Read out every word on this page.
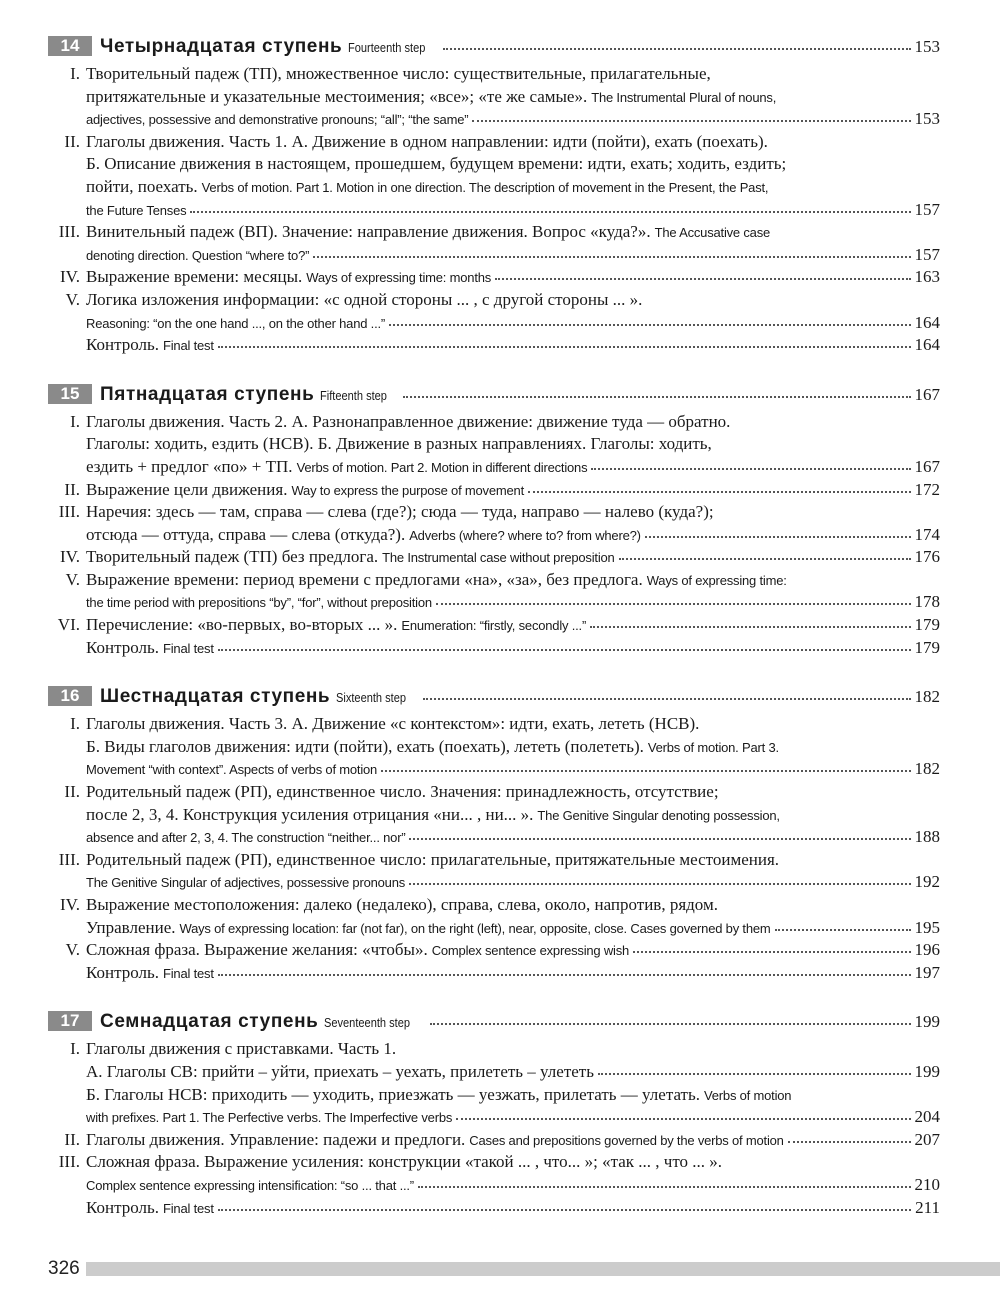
14	Четырнадцатая ступень Fourteenth step	153
I. Творительный падеж (ТП), множественное число: существительные, прилагательные,
притяжательные и указательные местоимения; «все»; «те же самые».
The Instrumental Plural of nouns,
adjectives, possessive and demonstrative pronouns; “all”; “the same”	153
II. Глаголы движения. Часть 1. А. Движение в одном направлении: идти (пойти), ехать (поехать).
Б. Описание движения в настоящем, прошедшем, будущем времени: идти, ехать; ходить, ездить;
пойти, поехать.
Verbs of motion. Part 1. Motion in one direction. The description of movement in the Present, the Past,
the Future Tenses	157
III. Винительный падеж (ВП). Значение: направление движения. Вопрос «куда?».
The Accusative case
denoting direction. Question “where to?”	157
IV. Выражение времени: месяцы.
Ways of expressing time: months	163
V. Логика изложения информации: «с одной стороны ... , с другой стороны ... ».
Reasoning: “on the one hand ..., on the other hand ...”	164
Контроль.
Final test	164
15	Пятнадцатая ступень Fifteenth step	167
I. Глаголы движения. Часть 2. А. Разнонаправленное движение: движение туда — обратно.
Глаголы: ходить, ездить (НСВ). Б. Движение в разных направлениях. Глаголы: ходить,
ездить + предлог «по» + ТП.
Verbs of motion. Part 2. Motion in different directions	167
II. Выражение цели движения.
Way to express the purpose of movement	172
III. Наречия: здесь — там, справа — слева (где?); сюда — туда, направо — налево (куда?);
отсюда — оттуда, справа — слева (откуда?).
Adverbs (where? where to? from where?)	174
IV. Творительный падеж (ТП) без предлога.
The Instrumental case without preposition	176
V. Выражение времени: период времени с предлогами «на», «за», без предлога.
Ways of expressing time:
the time period with prepositions “by”, “for”, without preposition	178
VI. Перечисление: «во-первых, во-вторых ... ».
Enumeration: “firstly, secondly ...”	179
Контроль.
Final test	179
16	Шестнадцатая ступень Sixteenth step	182
I. Глаголы движения. Часть 3. А. Движение «с контекстом»: идти, ехать, лететь (НСВ).
Б. Виды глаголов движения: идти (пойти), ехать (поехать), лететь (полететь).
Verbs of motion. Part 3.
Movement “with context”. Aspects of verbs of motion	182
II. Родительный падеж (РП), единственное число. Значения: принадлежность, отсутствие;
после 2, 3, 4. Конструкция усиления отрицания «ни... , ни... ».
The Genitive Singular denoting possession,
absence and after 2, 3, 4. The construction “neither... nor”	188
III. Родительный падеж (РП), единственное число: прилагательные, притяжательные местоимения.
The Genitive Singular of adjectives, possessive pronouns	192
IV. Выражение местоположения: далеко (недалеко), справа, слева, около, напротив, рядом.
Управление.
Ways of expressing location: far (not far), on the right (left), near, opposite, close. Cases governed by them	195
V. Сложная фраза. Выражение желания: «чтобы».
Complex sentence expressing wish	196
Контроль.
Final test	197
17	Семнадцатая ступень Seventeenth step	199
I. Глаголы движения с приставками. Часть 1.
А. Глаголы СВ: прийти – уйти, приехать – уехать, прилететь – улететь	199
Б. Глаголы НСВ: приходить — уходить, приезжать — уезжать, прилетать — улетать.
Verbs of motion
with prefixes. Part 1. The Perfective verbs. The Imperfective verbs	204
II. Глаголы движения. Управление: падежи и предлоги.
Cases and prepositions governed by the verbs of motion	207
III. Сложная фраза. Выражение усиления: конструкции «такой ... , что... »; «так ... , что ... ».
Complex sentence expressing intensification: “so ... that ...”	210
Контроль.
Final test	211
326
